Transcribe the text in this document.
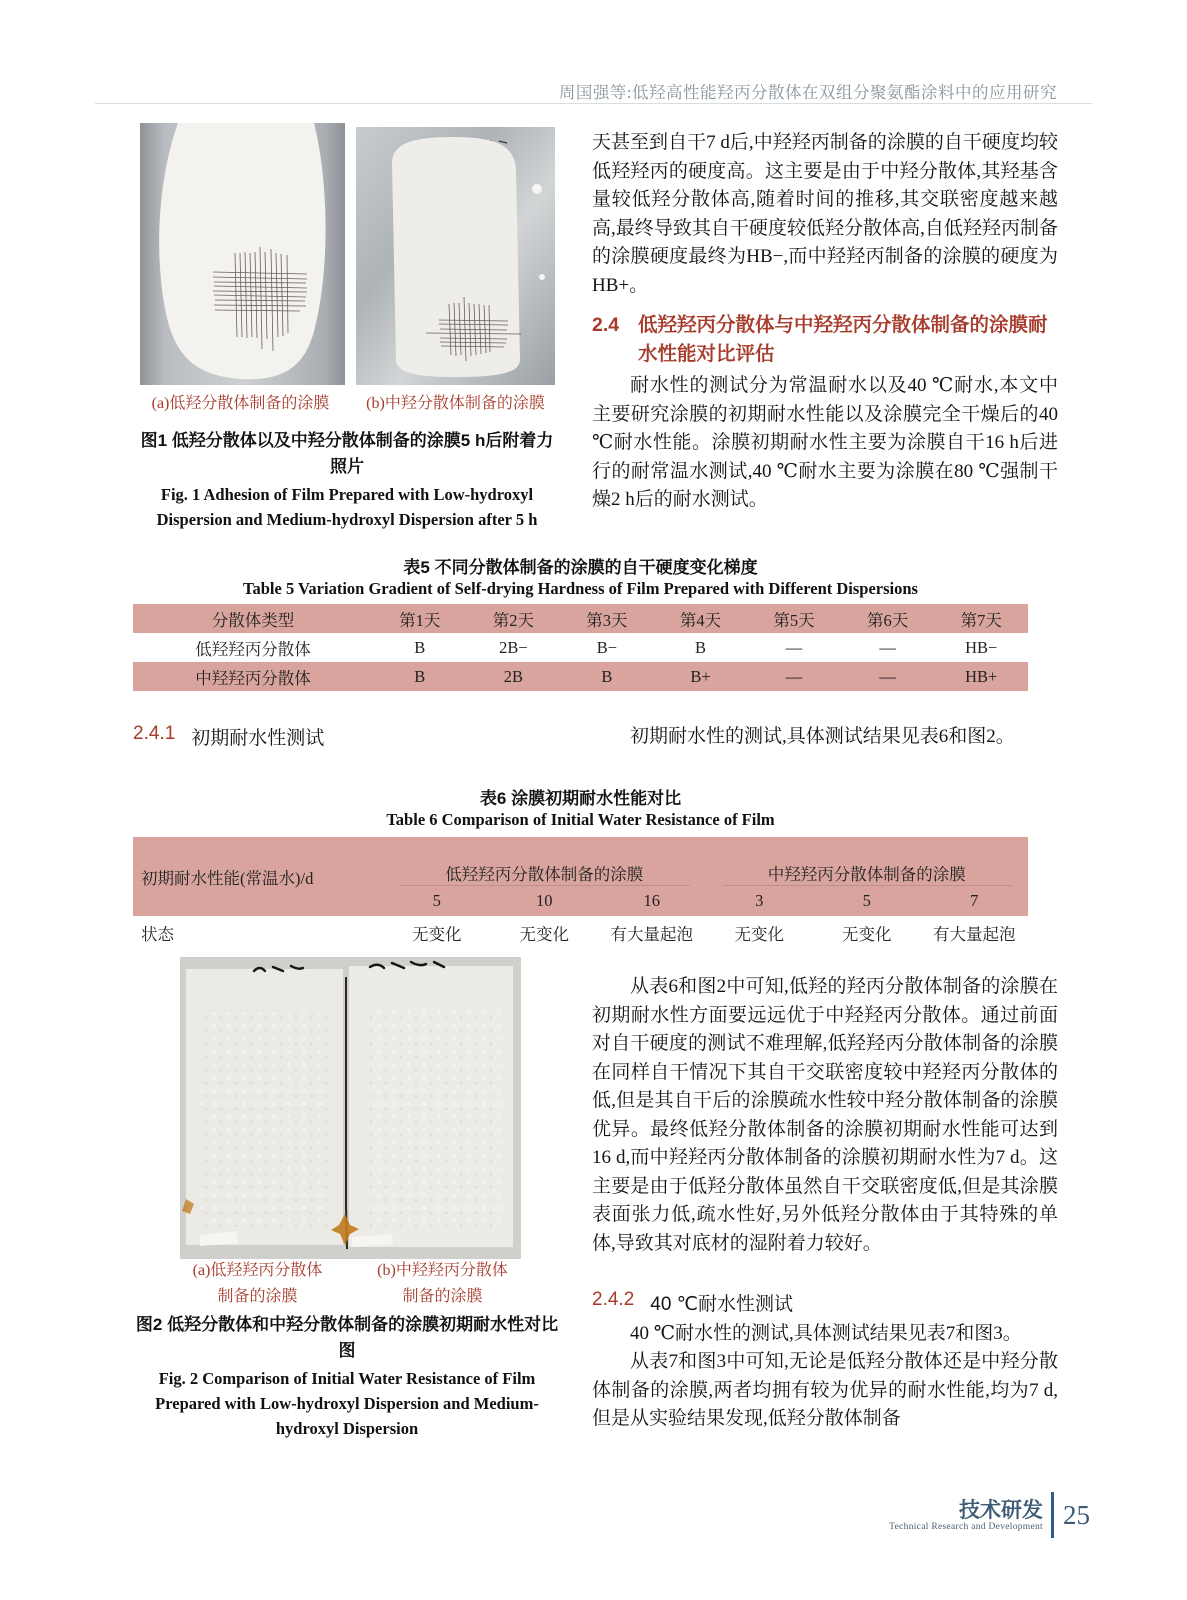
周国强等:低羟高性能羟丙分散体在双组分聚氨酯涂料中的应用研究
(a)低羟分散体制备的涂膜	(b)中羟分散体制备的涂膜
图1 低羟分散体以及中羟分散体制备的涂膜5 h后附着力照片
Fig. 1 Adhesion of Film Prepared with Low-hydroxyl Dispersion and Medium-hydroxyl Dispersion after 5 h
天甚至到自干7 d后,中羟羟丙制备的涂膜的自干硬度均较低羟羟丙的硬度高。这主要是由于中羟分散体,其羟基含量较低羟分散体高,随着时间的推移,其交联密度越来越高,最终导致其自干硬度较低羟分散体高,自低羟羟丙制备的涂膜硬度最终为HB−,而中羟羟丙制备的涂膜的硬度为HB+。
2.4 低羟羟丙分散体与中羟羟丙分散体制备的涂膜耐水性能对比评估
耐水性的测试分为常温耐水以及40 ℃耐水,本文中主要研究涂膜的初期耐水性能以及涂膜完全干燥后的40 ℃耐水性能。涂膜初期耐水性主要为涂膜自干16 h后进行的耐常温水测试,40 ℃耐水主要为涂膜在80 ℃强制干燥2 h后的耐水测试。
表5 不同分散体制备的涂膜的自干硬度变化梯度
Table 5 Variation Gradient of Self-drying Hardness of Film Prepared with Different Dispersions
分散体类型	第1天	第2天	第3天	第4天	第5天	第6天	第7天
低羟羟丙分散体	B	2B−	B−	B	—	—	HB−
中羟羟丙分散体	B	2B	B	B+	—	—	HB+
2.4.1 初期耐水性测试	初期耐水性的测试,具体测试结果见表6和图2。
表6 涂膜初期耐水性能对比
Table 6 Comparison of Initial Water Resistance of Film
初期耐水性能(常温水)/d	低羟羟丙分散体制备的涂膜			中羟羟丙分散体制备的涂膜		

	5	10	16	3	5	7
状态	无变化	无变化	有大量起泡	无变化	无变化	有大量起泡
(a)低羟羟丙分散体
制备的涂膜
(b)中羟羟丙分散体
制备的涂膜
图2 低羟分散体和中羟分散体制备的涂膜初期耐水性对比图
Fig. 2 Comparison of Initial Water Resistance of Film Prepared with Low-hydroxyl Dispersion and Medium-hydroxyl Dispersion
从表6和图2中可知,低羟的羟丙分散体制备的涂膜在初期耐水性方面要远远优于中羟羟丙分散体。通过前面对自干硬度的测试不难理解,低羟羟丙分散体制备的涂膜在同样自干情况下其自干交联密度较中羟羟丙分散体的低,但是其自干后的涂膜疏水性较中羟分散体制备的涂膜优异。最终低羟分散体制备的涂膜初期耐水性能可达到16 d,而中羟羟丙分散体制备的涂膜初期耐水性为7 d。这主要是由于低羟分散体虽然自干交联密度低,但是其涂膜表面张力低,疏水性好,另外低羟分散体由于其特殊的单体,导致其对底材的湿附着力较好。
2.4.2 40 ℃耐水性测试
40 ℃耐水性的测试,具体测试结果见表7和图3。
从表7和图3中可知,无论是低羟分散体还是中羟分散体制备的涂膜,两者均拥有较为优异的耐水性能,均为7 d,但是从实验结果发现,低羟分散体制备
技术研发
Technical Research and Development 25
